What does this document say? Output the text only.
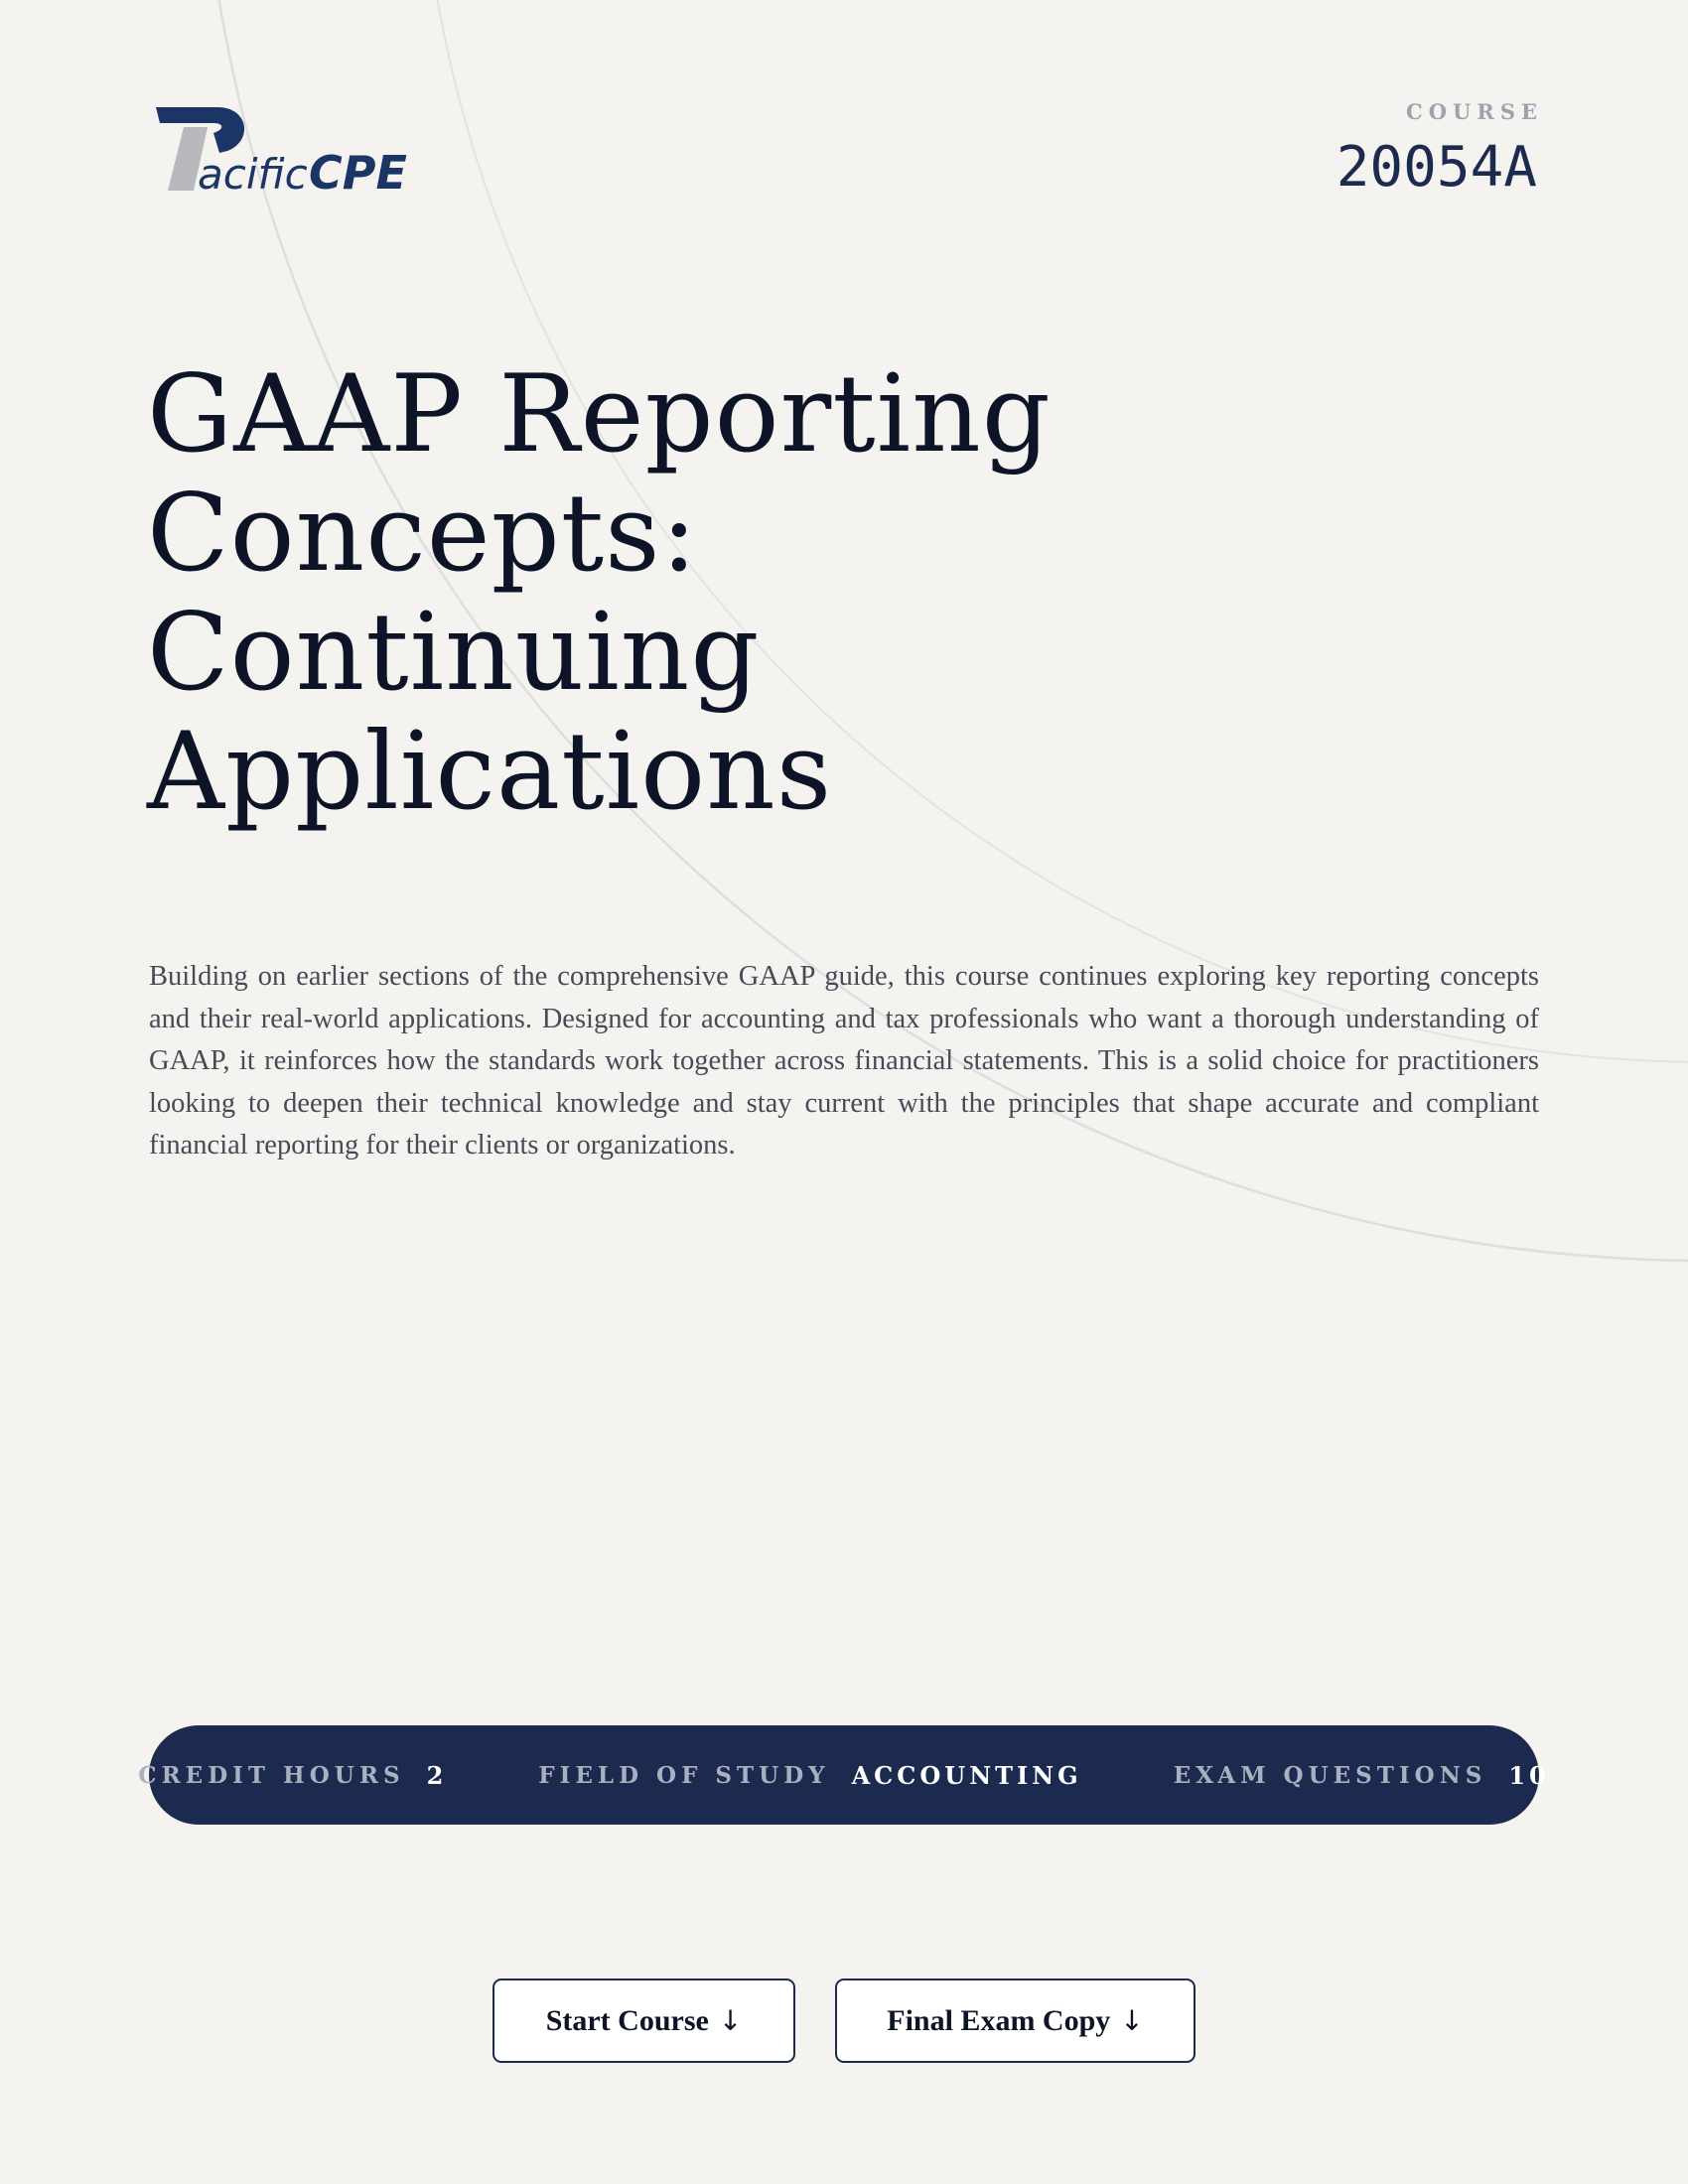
acific CPE
COURSE
20054A
GAAP Reporting
Concepts:
Continuing
Applications

Building on earlier sections of the comprehensive GAAP guide, this course continues exploring key reporting concepts and their real-world applications. Designed for accounting and tax professionals who want a thorough understanding of GAAP, it reinforces how the standards work together across financial statements. This is a solid choice for practitioners looking to deepen their technical knowledge and stay current with the principles that shape accurate and compliant financial reporting for their clients or organizations.

CREDIT HOURS 2	FIELD OF STUDY ACCOUNTING	EXAM QUESTIONS 10
Start Course ↓	Final Exam Copy ↓
